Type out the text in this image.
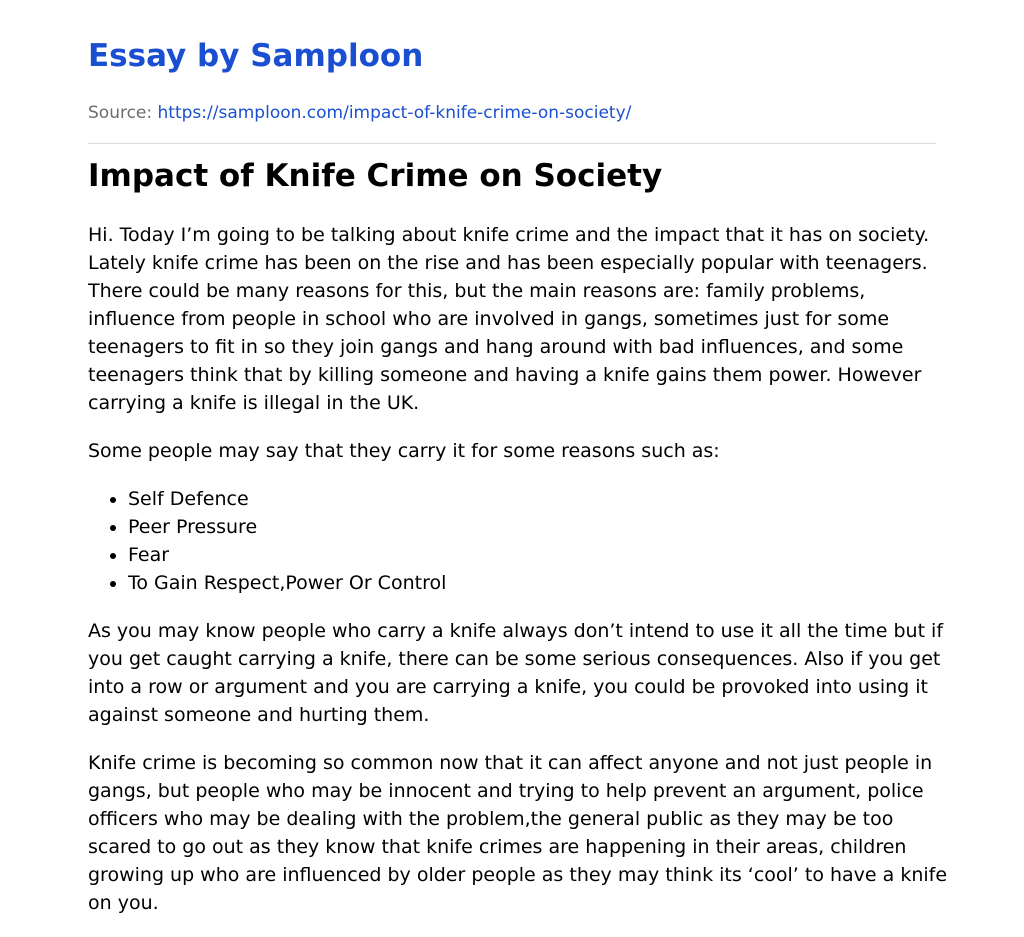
Essay by Samploon
Source: https://samploon.com/impact-of-knife-crime-on-society/
Impact of Knife Crime on Society

Hi. Today I’m going to be talking about knife crime and the impact that it has on society. Lately knife crime has been on the rise and has been especially popular with teenagers. There could be many reasons for this, but the main reasons are: family problems, influence from people in school who are involved in gangs, sometimes just for some teenagers to fit in so they join gangs and hang around with bad influences, and some teenagers think that by killing someone and having a knife gains them power. However carrying a knife is illegal in the UK.

Some people may say that they carry it for some reasons such as:

• Self Defence
• Peer Pressure
• Fear
• To Gain Respect,Power Or Control

As you may know people who carry a knife always don’t intend to use it all the time but if you get caught carrying a knife, there can be some serious consequences. Also if you get into a row or argument and you are carrying a knife, you could be provoked into using it against someone and hurting them.

Knife crime is becoming so common now that it can affect anyone and not just people in gangs, but people who may be innocent and trying to help prevent an argument, police officers who may be dealing with the problem,the general public as they may be too scared to go out as they know that knife crimes are happening in their areas, children growing up who are influenced by older people as they may think its ‘cool’ to have a knife on you.
